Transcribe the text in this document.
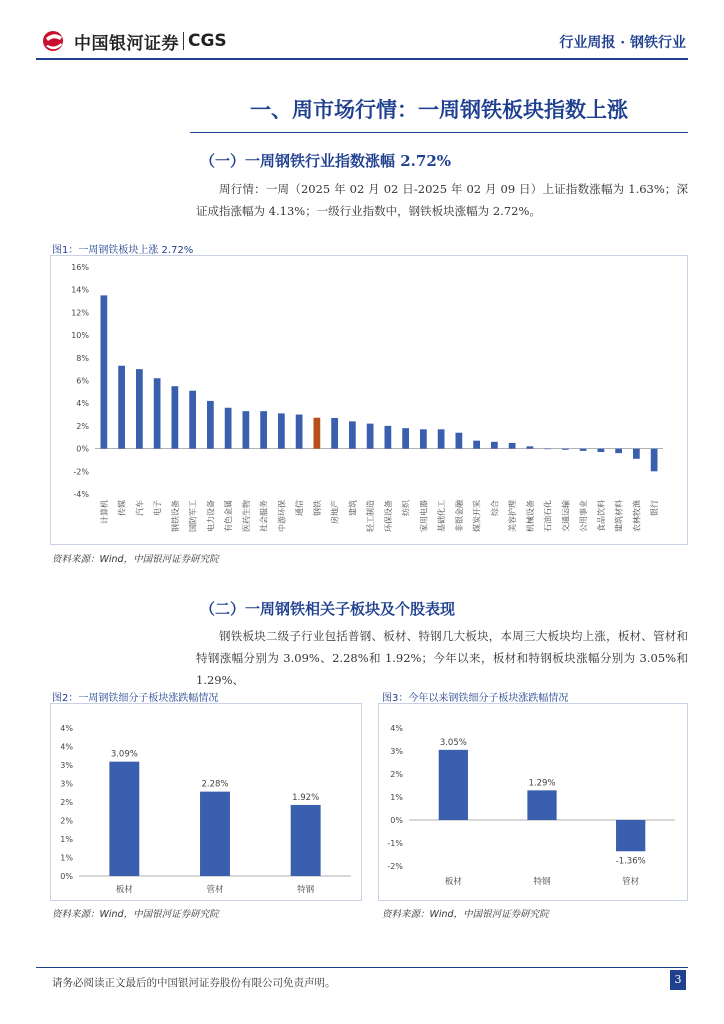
中国银河证券 CGS	行业周报 · 钢铁行业
一、周市场行情：一周钢铁板块指数上涨
（一）一周钢铁行业指数涨幅 2.72%
周行情：一周（2025 年 02 月 02 日-2025 年 02 月 09 日）上证指数涨幅为 1.63%；深证成指涨幅为 4.13%；一级行业指数中，钢铁板块涨幅为 2.72%。
图1：一周钢铁板块上涨 2.72%
-4%
-2%
0%
2%
4%
6%
8%
10%
12%
14%
16%
计算机 传媒 汽车 电子 钢铁设备 国防军工 电力设备 有色金属 医药生物 社会服务 中游环保 通信 钢铁 房地产 建筑 轻工制造 环保设备 纺织 家用电器 基础化工 非银金融 煤炭开采 综合 美容护理 机械设备 石油石化 交通运输 公用事业 食品饮料 建筑材料 农林牧渔 银行
资料来源：Wind，中国银河证券研究院
（二）一周钢铁相关子板块及个股表现
钢铁板块二级子行业包括普钢、板材、特钢几大板块，本周三大板块均上涨，板材、管材和特钢涨幅分别为 3.09%、2.28%和 1.92%；今年以来，板材和特钢板块涨幅分别为 3.05%和 1.29%、
图2：一周钢铁细分子板块涨跌幅情况
0%
1%
1%
2%
2%
3%
3%
4%
4%
板材
3.09%
管材
2.28%
特钢
1.92%
资料来源：Wind，中国银河证券研究院
图3：今年以来钢铁细分子板块涨跌幅情况
-2%
-1%
0%
1%
2%
3%
4%
板材
3.05%
特钢
1.29%
管材
-1.36%
资料来源：Wind，中国银河证券研究院
请务必阅读正文最后的中国银河证券股份有限公司免责声明。	3
